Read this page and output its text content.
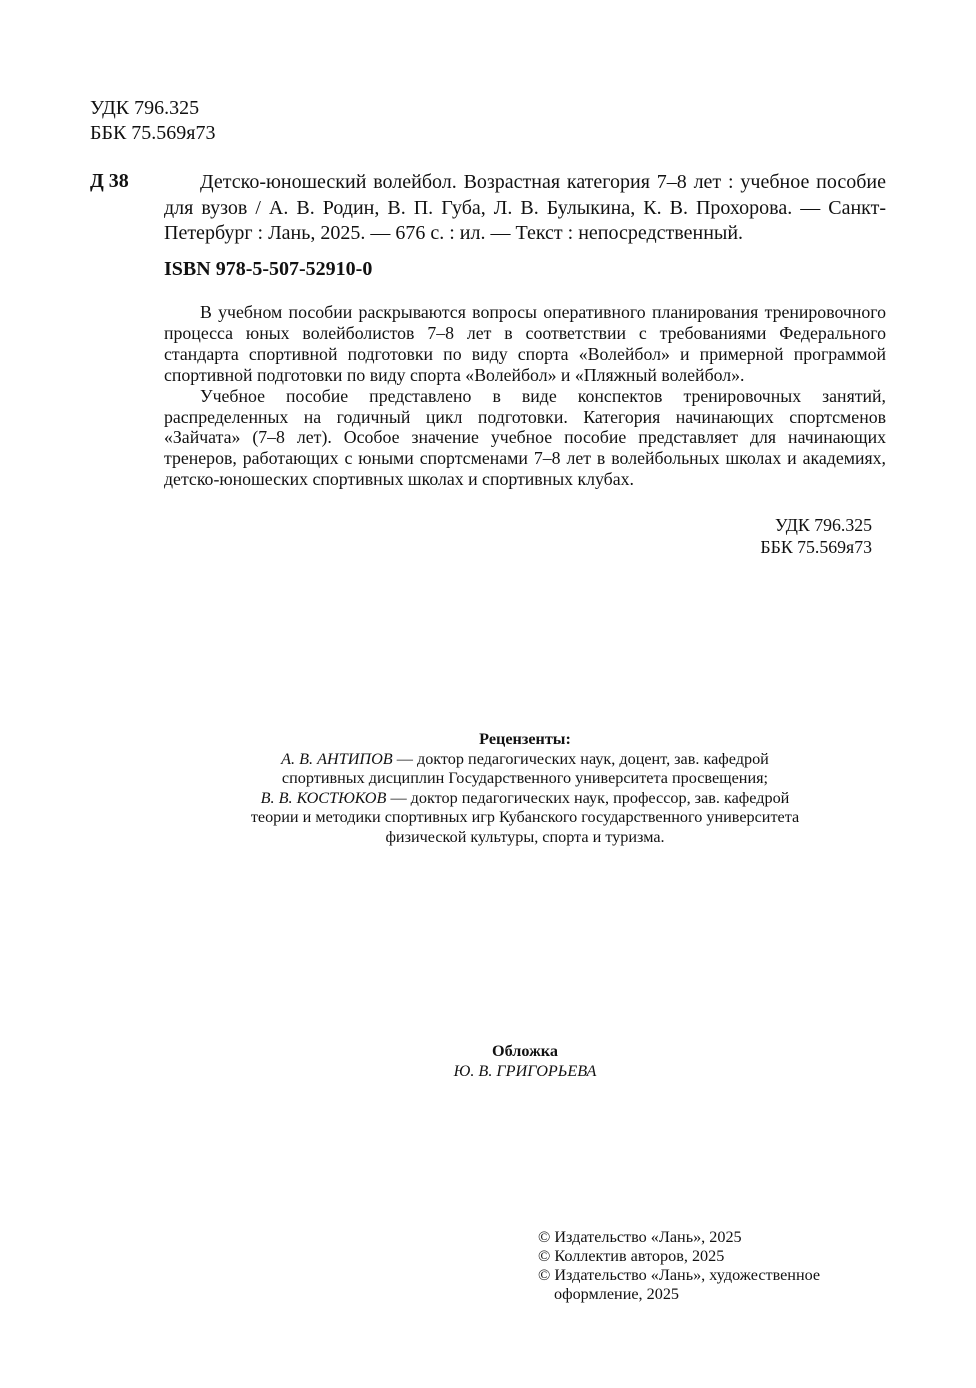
УДК 796.325
ББК 75.569я73
Д 38	Детско-юношеский волейбол. Возрастная категория 7–8 лет : учебное пособие для вузов / А. В. Родин, В. П. Губа, Л. В. Булыкина, К. В. Прохорова. — Санкт-Петербург : Лань, 2025. — 676 с. : ил. — Текст : непосредственный.
ISBN 978-5-507-52910-0

В учебном пособии раскрываются вопросы оперативного планирования тренировочного процесса юных волейболистов 7–8 лет в соответствии с требованиями Федерального стандарта спортивной подготовки по виду спорта «Волейбол» и примерной программой спортивной подготовки по виду спорта «Волейбол» и «Пляжный волейбол».

Учебное пособие представлено в виде конспектов тренировочных занятий, распределенных на годичный цикл подготовки. Категория начинающих спортсменов «Зайчата» (7–8 лет). Особое значение учебное пособие представляет для начинающих тренеров, работающих с юными спортсменами 7–8 лет в волейбольных школах и академиях, детско-юношеских спортивных школах и спортивных клубах.

УДК 796.325
ББК 75.569я73
Рецензенты:
А. В. АНТИПОВ — доктор педагогических наук, доцент, зав. кафедрой
спортивных дисциплин Государственного университета просвещения;
В. В. КОСТЮКОВ — доктор педагогических наук, профессор, зав. кафедрой
теории и методики спортивных игр Кубанского государственного университета
физической культуры, спорта и туризма.
Обложка
Ю. В. ГРИГОРЬЕВА
© Издательство «Лань», 2025
© Коллектив авторов, 2025
© Издательство «Лань», художественное оформление, 2025
